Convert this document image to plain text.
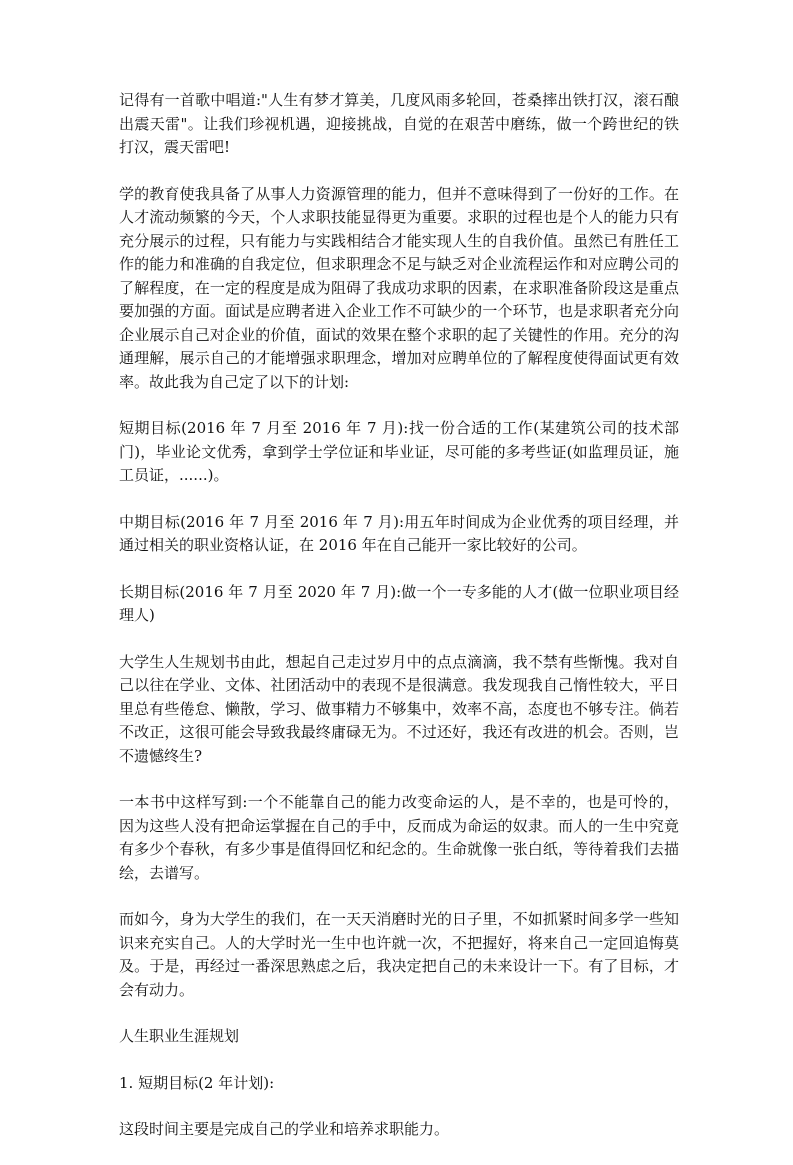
记得有一首歌中唱道:"人生有梦才算美，几度风雨多轮回，苍桑摔出铁打汉，滚石酿出震天雷"。让我们珍视机遇，迎接挑战，自觉的在艰苦中磨练，做一个跨世纪的铁打汉，震天雷吧!

学的教育使我具备了从事人力资源管理的能力，但并不意味得到了一份好的工作。在人才流动频繁的今天，个人求职技能显得更为重要。求职的过程也是个人的能力只有充分展示的过程，只有能力与实践相结合才能实现人生的自我价值。虽然已有胜任工作的能力和准确的自我定位，但求职理念不足与缺乏对企业流程运作和对应聘公司的了解程度，在一定的程度是成为阻碍了我成功求职的因素，在求职准备阶段这是重点要加强的方面。面试是应聘者进入企业工作不可缺少的一个环节，也是求职者充分向企业展示自己对企业的价值，面试的效果在整个求职的起了关键性的作用。充分的沟通理解，展示自己的才能增强求职理念，增加对应聘单位的了解程度使得面试更有效率。故此我为自己定了以下的计划:

短期目标(2016 年 7 月至 2016 年 7 月):找一份合适的工作(某建筑公司的技术部门)，毕业论文优秀，拿到学士学位证和毕业证，尽可能的多考些证(如监理员证，施工员证，......)。

中期目标(2016 年 7 月至 2016 年 7 月):用五年时间成为企业优秀的项目经理，并通过相关的职业资格认证，在 2016 年在自己能开一家比较好的公司。

长期目标(2016 年 7 月至 2020 年 7 月):做一个一专多能的人才(做一位职业项目经理人)

大学生人生规划书由此，想起自己走过岁月中的点点滴滴，我不禁有些惭愧。我对自己以往在学业、文体、社团活动中的表现不是很满意。我发现我自己惰性较大，平日里总有些倦怠、懒散，学习、做事精力不够集中，效率不高，态度也不够专注。倘若不改正，这很可能会导致我最终庸碌无为。不过还好，我还有改进的机会。否则，岂不遗憾终生?

一本书中这样写到:一个不能靠自己的能力改变命运的人，是不幸的，也是可怜的，因为这些人没有把命运掌握在自己的手中，反而成为命运的奴隶。而人的一生中究竟有多少个春秋，有多少事是值得回忆和纪念的。生命就像一张白纸，等待着我们去描绘，去谱写。

而如今，身为大学生的我们，在一天天消磨时光的日子里，不如抓紧时间多学一些知识来充实自己。人的大学时光一生中也许就一次，不把握好，将来自己一定回追悔莫及。于是，再经过一番深思熟虑之后，我决定把自己的未来设计一下。有了目标，才会有动力。

人生职业生涯规划

1. 短期目标(2 年计划):

这段时间主要是完成自己的学业和培养求职能力。
